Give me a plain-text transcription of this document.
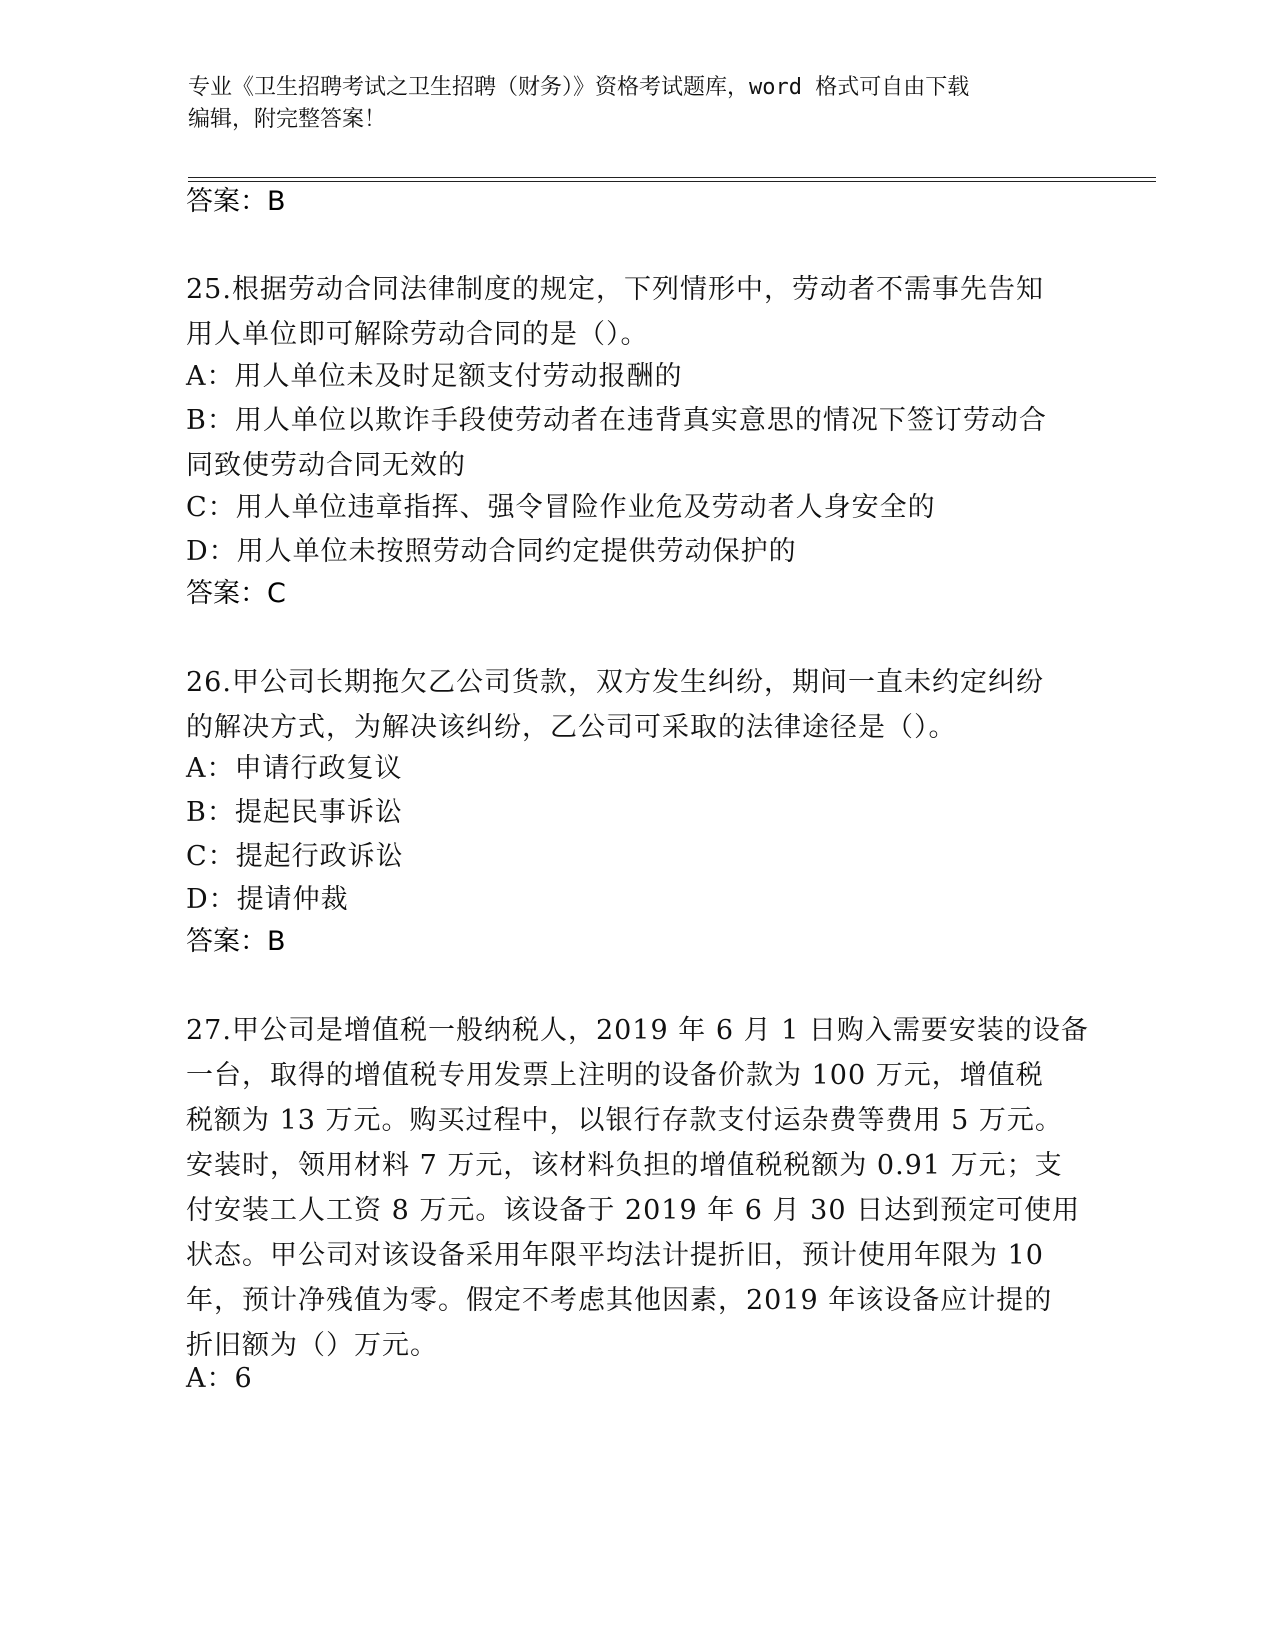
专业《卫生招聘考试之卫生招聘（财务）》资格考试题库，word 格式可自由下载
编辑，附完整答案！
答案：B
25.根据劳动合同法律制度的规定，下列情形中，劳动者不需事先告知
用人单位即可解除劳动合同的是（）。
A：用人单位未及时足额支付劳动报酬的
B：用人单位以欺诈手段使劳动者在违背真实意思的情况下签订劳动合
同致使劳动合同无效的
C：用人单位违章指挥、强令冒险作业危及劳动者人身安全的
D：用人单位未按照劳动合同约定提供劳动保护的
答案：C
26.甲公司长期拖欠乙公司货款，双方发生纠纷，期间一直未约定纠纷
的解决方式，为解决该纠纷，乙公司可采取的法律途径是（）。
A：申请行政复议
B：提起民事诉讼
C：提起行政诉讼
D：提请仲裁
答案：B
27.甲公司是增值税一般纳税人，2019 年 6 月 1 日购入需要安装的设备
一台，取得的增值税专用发票上注明的设备价款为 100 万元，增值税
税额为 13 万元。购买过程中，以银行存款支付运杂费等费用 5 万元。
安装时，领用材料 7 万元，该材料负担的增值税税额为 0.91 万元；支
付安装工人工资 8 万元。该设备于 2019 年 6 月 30 日达到预定可使用
状态。甲公司对该设备采用年限平均法计提折旧，预计使用年限为 10
年，预计净残值为零。假定不考虑其他因素，2019 年该设备应计提的
折旧额为（）万元。
A：6
